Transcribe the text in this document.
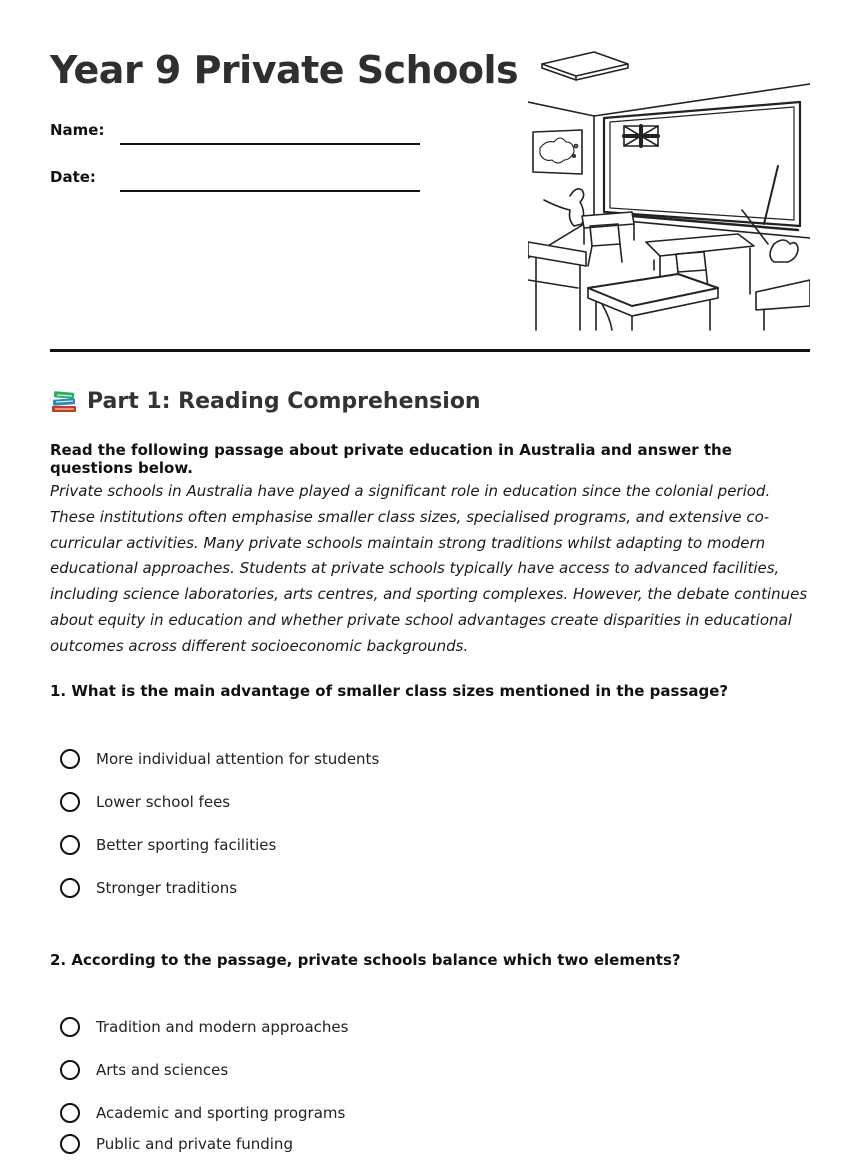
Year 9 Private Schools
Name:
Date:
Part 1: Reading Comprehension
Read the following passage about private education in Australia and answer the questions below.

Private schools in Australia have played a significant role in education since the colonial period. These institutions often emphasise smaller class sizes, specialised programs, and extensive co-curricular activities. Many private schools maintain strong traditions whilst adapting to modern educational approaches. Students at private schools typically have access to advanced facilities, including science laboratories, arts centres, and sporting complexes. However, the debate continues about equity in education and whether private school advantages create disparities in educational outcomes across different socioeconomic backgrounds.

1. What is the main advantage of smaller class sizes mentioned in the passage?
More individual attention for students
Lower school fees
Better sporting facilities
Stronger traditions
2. According to the passage, private schools balance which two elements?
Tradition and modern approaches
Arts and sciences
Academic and sporting programs
Public and private funding
